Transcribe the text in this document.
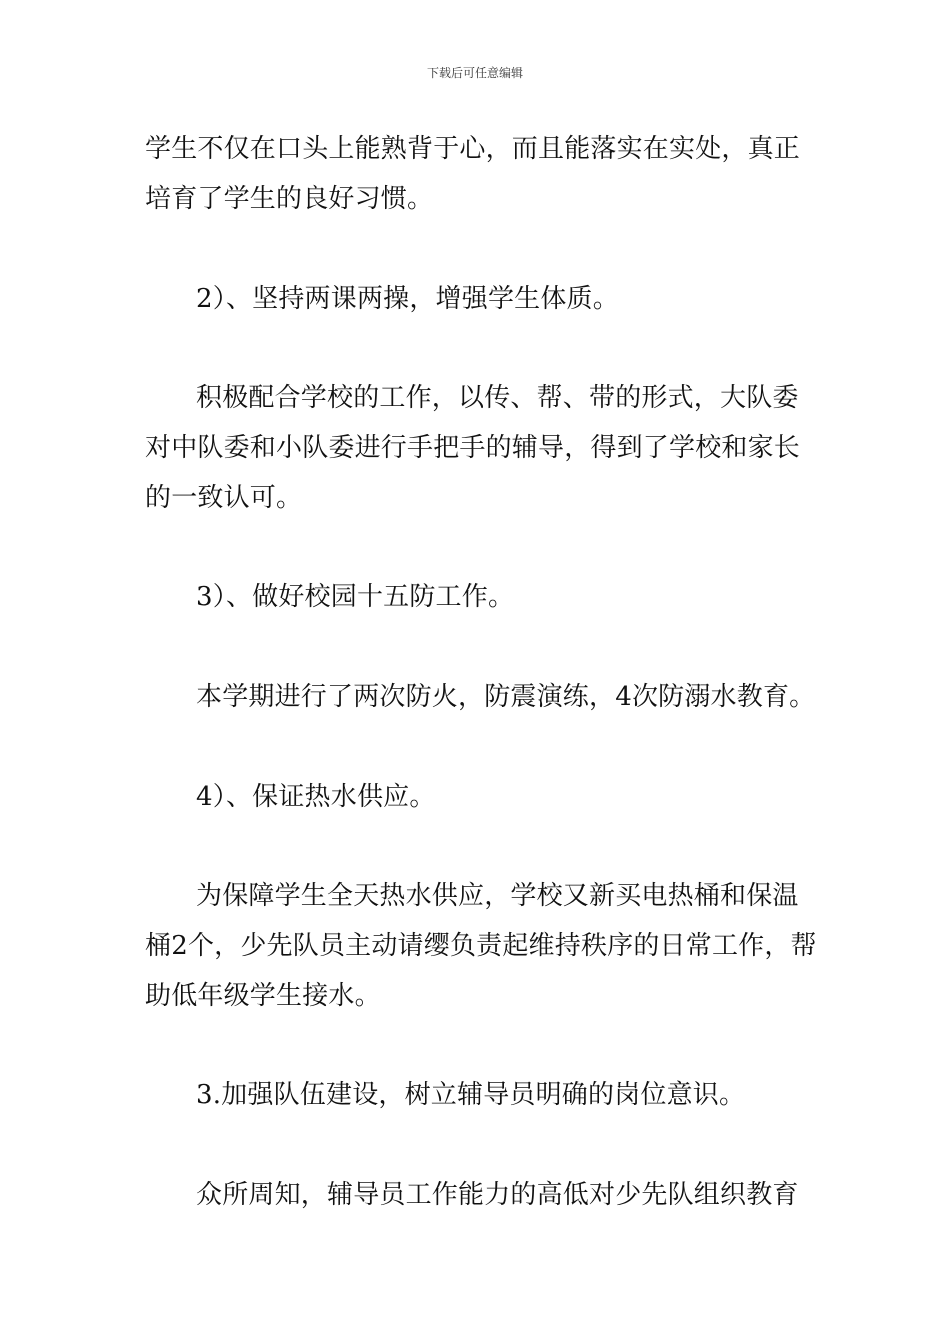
下载后可任意编辑
学生不仅在口头上能熟背于心，而且能落实在实处，真正
培育了学生的良好习惯。
2）、坚持两课两操，增强学生体质。
积极配合学校的工作，以传、帮、带的形式，大队委
对中队委和小队委进行手把手的辅导，得到了学校和家长
的一致认可。
3）、做好校园十五防工作。
本学期进行了两次防火，防震演练，4次防溺水教育。
4）、保证热水供应。
为保障学生全天热水供应，学校又新买电热桶和保温
桶2个，少先队员主动请缨负责起维持秩序的日常工作，帮
助低年级学生接水。
3.加强队伍建设，树立辅导员明确的岗位意识。
众所周知，辅导员工作能力的高低对少先队组织教育
